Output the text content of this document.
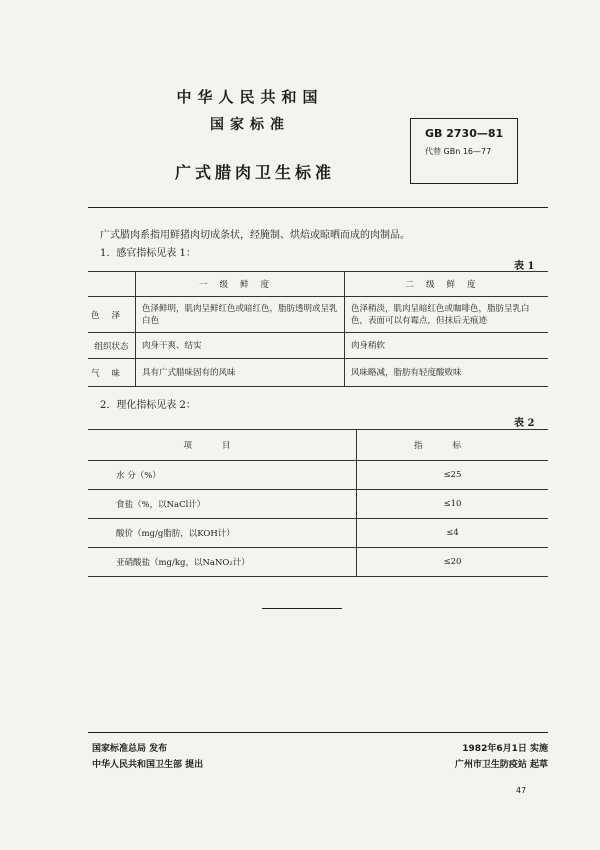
中华人民共和国
国家标准
广式腊肉卫生标准
GB 2730—81
代替 GBn 16—77
广式腊肉系指用鲜猪肉切成条状，经腌制、烘焙或晾晒而成的肉制品。
1．感官指标见表 1：
表 1
	一级鲜度	二级鲜度
色泽	色泽鲜明，肌肉呈鲜红色或暗红色，脂肪透明或呈乳白色	色泽稍淡，肌肉呈暗红色或咖啡色，脂肪呈乳白色，表面可以有霉点，但抹后无痕迹
组织状态	肉身干爽、结实	肉身稍软
气味	具有广式腊味固有的风味	风味略减，脂肪有轻度酸败味
2．理化指标见表 2：
表 2
项目	指标
水 分（%）	≤25
食盐（%，以NaCl计）	≤10
酸价（mg/g脂肪，以KOH计）	≤4
亚硝酸盐（mg/kg，以NaNO₂计）	≤20
国家标准总局 发布
中华人民共和国卫生部 提出
1982年6月1日 实施
广州市卫生防疫站 起草
47
